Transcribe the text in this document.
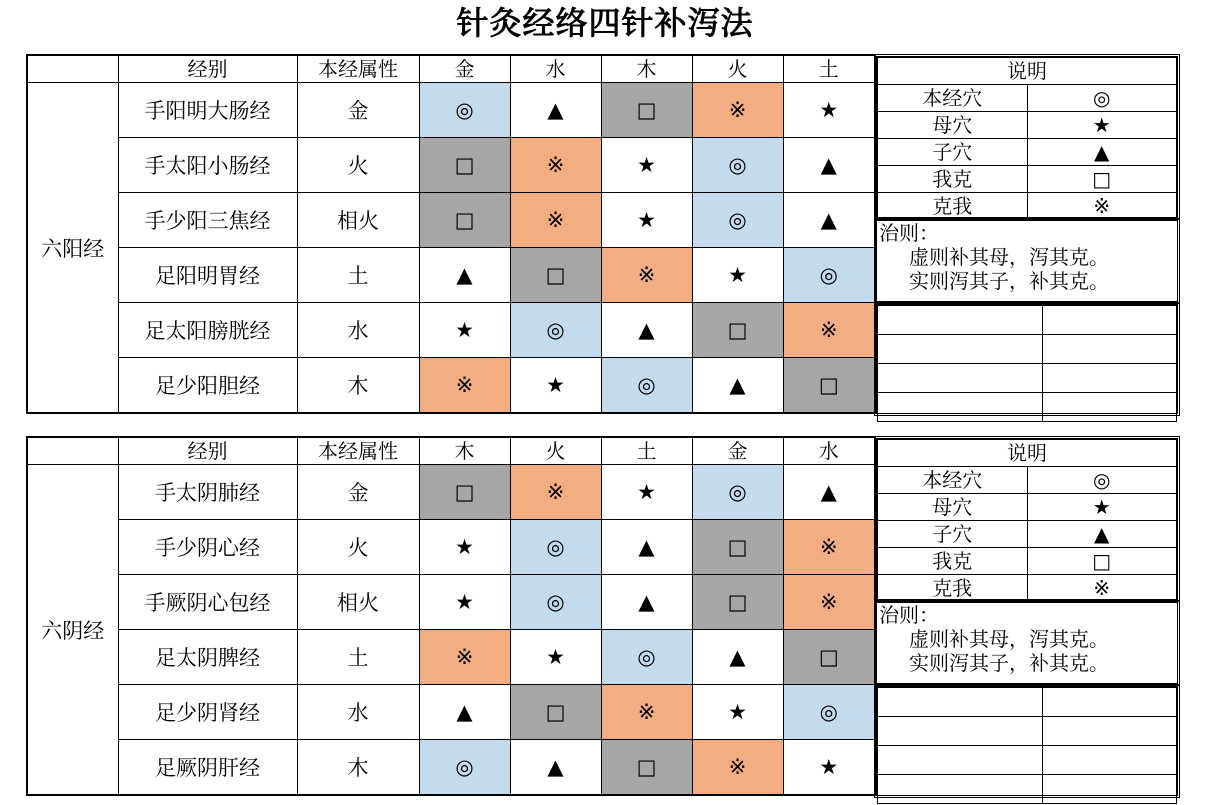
针灸经络四针补泻法
	经别	本经属性	金	水	木	火	土
六阳经	手阳明大肠经	金	◎	▲	□	※	★
	手太阳小肠经	火	□	※	★	◎	▲
	手少阳三焦经	相火	□	※	★	◎	▲
	足阳明胃经	土	▲	□	※	★	◎
	足太阳膀胱经	水	★	◎	▲	□	※
	足少阳胆经	木	※	★	◎	▲	□
	经别	本经属性	木	火	土	金	水
六阴经	手太阴肺经	金	□	※	★	◎	▲
	手少阴心经	火	★	◎	▲	□	※
	手厥阴心包经	相火	★	◎	▲	□	※
	足太阴脾经	土	※	★	◎	▲	□
	足少阴肾经	水	▲	□	※	★	◎
	足厥阴肝经	木	◎	▲	□	※	★
说明	
本经穴	◎
母穴	★
子穴	▲
我克	□
克我	※
治则：
虚则补其母，泻其克。
实则泻其子，补其克。

说明	
本经穴	◎
母穴	★
子穴	▲
我克	□
克我	※
治则：
虚则补其母，泻其克。
实则泻其子，补其克。
